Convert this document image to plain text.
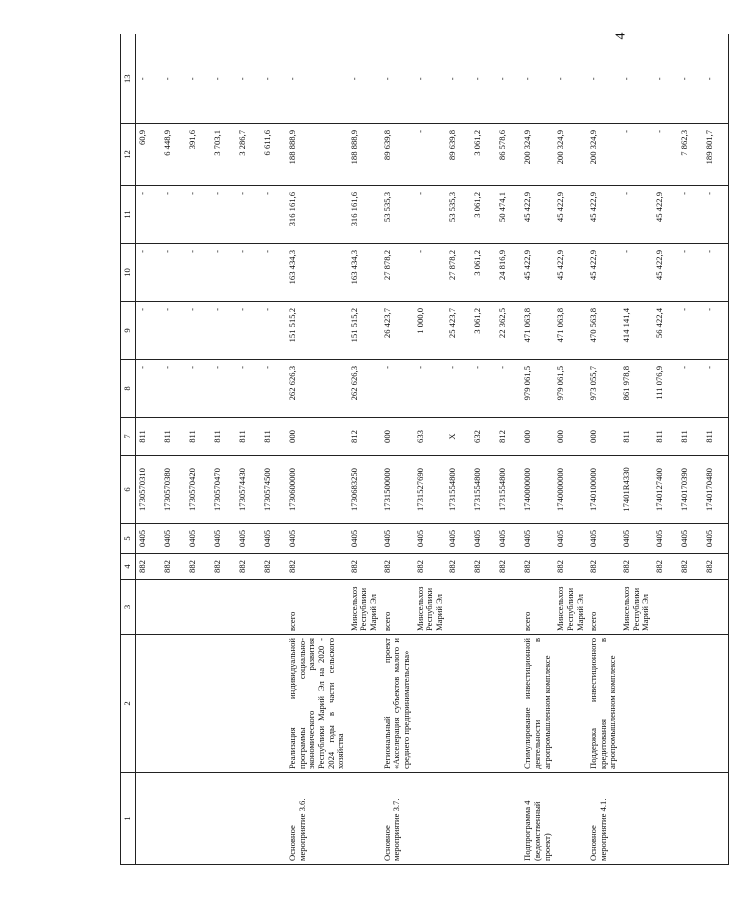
4
1	2	3	4	5	6	7	8	9	10	11	12	13
			882	0405	1730570310	811	-	-	-	-	60,9	-
			882	0405	1730570380	811	-	-	-	-	6 448,9	-
			882	0405	1730570420	811	-	-	-	-	391,6	-
			882	0405	1730570470	811	-	-	-	-	3 703,1	-
			882	0405	1730574430	811	-	-	-	-	3 286,7	-
			882	0405	1730574500	811	-	-	-	-	6 611,6	-
Основное мероприятие 3.6.	Реализация индивидуальной программы социально-экономического развития Республики Марий Эл на 2020 - 2024 годы в части сельского хозяйства	всего	882	0405	1730600000	000	262 626,3	151 515,2	163 434,3	316 161,6	188 888,9	-
		Минсельхоз Республики Марий Эл	882	0405	1730683250	812	262 626,3	151 515,2	163 434,3	316 161,6	188 888,9	-
Основное мероприятие 3.7.	Региональный проект «Акселерация субъектов малого и среднего предпринимательства»	всего	882	0405	1731500000	000	-	26 423,7	27 878,2	53 535,3	89 639,8	-
		Минсельхоз Республики Марий Эл	882	0405	1731527690	633	-	1 000,0	-	-	-	-
			882	0405	1731554800	X	-	25 423,7	27 878,2	53 535,3	89 639,8	-
			882	0405	1731554800	632	-	3 061,2	3 061,2	3 061,2	3 061,2	-
			882	0405	1731554800	812	-	22 362,5	24 816,9	50 474,1	86 578,6	-
Подпрограмма 4 (ведомственный проект)	Стимулирование инвестиционной деятельности в агропромышленном комплексе	всего	882	0405	1740000000	000	979 061,5	471 063,8	45 422,9	45 422,9	200 324,9	-
		Минсельхоз Республики Марий Эл	882	0405	1740000000	000	979 061,5	471 063,8	45 422,9	45 422,9	200 324,9	-
Основное мероприятие 4.1.	Поддержка инвестиционного кредитования в агропромышленном комплексе	всего	882	0405	1740100000	000	973 055,7	470 563,8	45 422,9	45 422,9	200 324,9	-
		Минсельхоз Республики Марий Эл	882	0405	17401R4330	811	861 978,8	414 141,4	-	-	-	-
			882	0405	1740127400	811	111 076,9	56 422,4	45 422,9	45 422,9	-	-
			882	0405	1740170390	811	-	-	-	-	7 862,3	-
			882	0405	1740170480	811	-	-	-	-	189 801,7	-
